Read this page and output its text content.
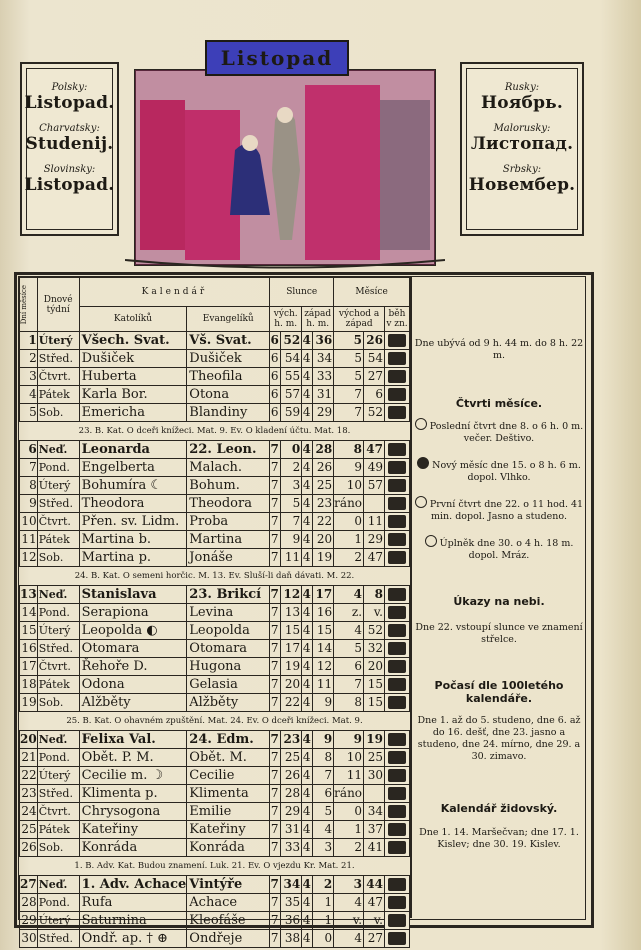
Polsky:
Listopad.
Charvatsky:
Studenij.
Slovinsky:
Listopad.
Listopad
Rusky:
Ноябрь.
Malorusky:
Листопад.
Srbsky:
Новембер.
Dní měsíce	Dnové týdní	Kalendář		Slunce				Měsíce		
		Katolíků	Evangelíků	vých. h. m.		západ h. m.		východ a západ		běh v zn.
1	Úterý	Všech. Svat.	Vš. Svat.	6	52	4	36	5	26	

2	Střed.	Dušiček	Dušiček	6	54	4	34	5	54	

3	Čtvrt.	Huberta	Theofila	6	55	4	33	5	27	

4	Pátek	Karla Bor.	Otona	6	57	4	31	7	6	

5	Sob.	Emericha	Blandiny	6	59	4	29	7	52	

23. B. Kat. O dceři knížeci. Mat. 9. Ev. O kladení účtu. Mat. 18.										
6	Neď.	Leonarda	22. Leon.	7	0	4	28	8	47	

7	Pond.	Engelberta	Malach.	7	2	4	26	9	49	

8	Úterý	Bohumíra ☾	Bohum.	7	3	4	25	10	57	

9	Střed.	Theodora	Theodora	7	5	4	23	ráno		

10	Čtvrt.	Přen. sv. Lidm.	Proba	7	7	4	22	0	11	

11	Pátek	Martina b.	Martina	7	9	4	20	1	29	

12	Sob.	Martina p.	Jonáše	7	11	4	19	2	47	

24. B. Kat. O semeni horčic. M. 13. Ev. Sluší-li daň dávati. M. 22.										
13	Neď.	Stanislava	23. Brikcí	7	12	4	17	4	8	

14	Pond.	Serapiona	Levina	7	13	4	16	z.	v.	

15	Úterý	Leopolda ◐	Leopolda	7	15	4	15	4	52	

16	Střed.	Otomara	Otomara	7	17	4	14	5	32	

17	Čtvrt.	Řehoře D.	Hugona	7	19	4	12	6	20	

18	Pátek	Odona	Gelasia	7	20	4	11	7	15	

19	Sob.	Alžběty	Alžběty	7	22	4	9	8	15	

25. B. Kat. O ohavném zpuštění. Mat. 24. Ev. O dceři knížeci. Mat. 9.										
20	Neď.	Felixa Val.	24. Edm.	7	23	4	9	9	19	

21	Pond.	Obět. P. M.	Obět. M.	7	25	4	8	10	25	

22	Úterý	Cecilie m. ☽	Cecilie	7	26	4	7	11	30	

23	Střed.	Klimenta p.	Klimenta	7	28	4	6	ráno		

24	Čtvrt.	Chrysogona	Emilie	7	29	4	5	0	34	

25	Pátek	Kateřiny	Kateřiny	7	31	4	4	1	37	

26	Sob.	Konráda	Konráda	7	33	4	3	2	41	

1. B. Adv. Kat. Budou znamení. Luk. 21. Ev. O vjezdu Kr. Mat. 21.										
27	Neď.	1. Adv. Achace	Vintýře	7	34	4	2	3	44	

28	Pond.	Rufa	Achace	7	35	4	1	4	47	

29	Úterý	Saturnina	Kleofáše	7	36	4	1	v.	v.	

30	Střed.	Ondř. ap. † ⊕	Ondřeje	7	38	4	0	4	27	
Dne ubývá od 9 h. 44 m. do 8 h. 22 m.
Čtvrti měsíce.
Poslední čtvrt dne 8. o 6 h. 0 m. večer. Deštivo.
Nový měsíc dne 15. o 8 h. 6 m. dopol. Vlhko.
První čtvrt dne 22. o 11 hod. 41 min. dopol. Jasno a studeno.
Úplněk dne 30. o 4 h. 18 m. dopol. Mráz.
Úkazy na nebi.
Dne 22. vstoupí slunce ve znamení střelce.
Počasí dle 100letého kalendáře.
Dne 1. až do 5. studeno, dne 6. až do 16. dešť, dne 23. jasno a studeno, dne 24. mírno, dne 29. a 30. zimavo.
Kalendář židovský.
Dne 1. 14. Maršečvan; dne 17. 1. Kislev; dne 30. 19. Kislev.
